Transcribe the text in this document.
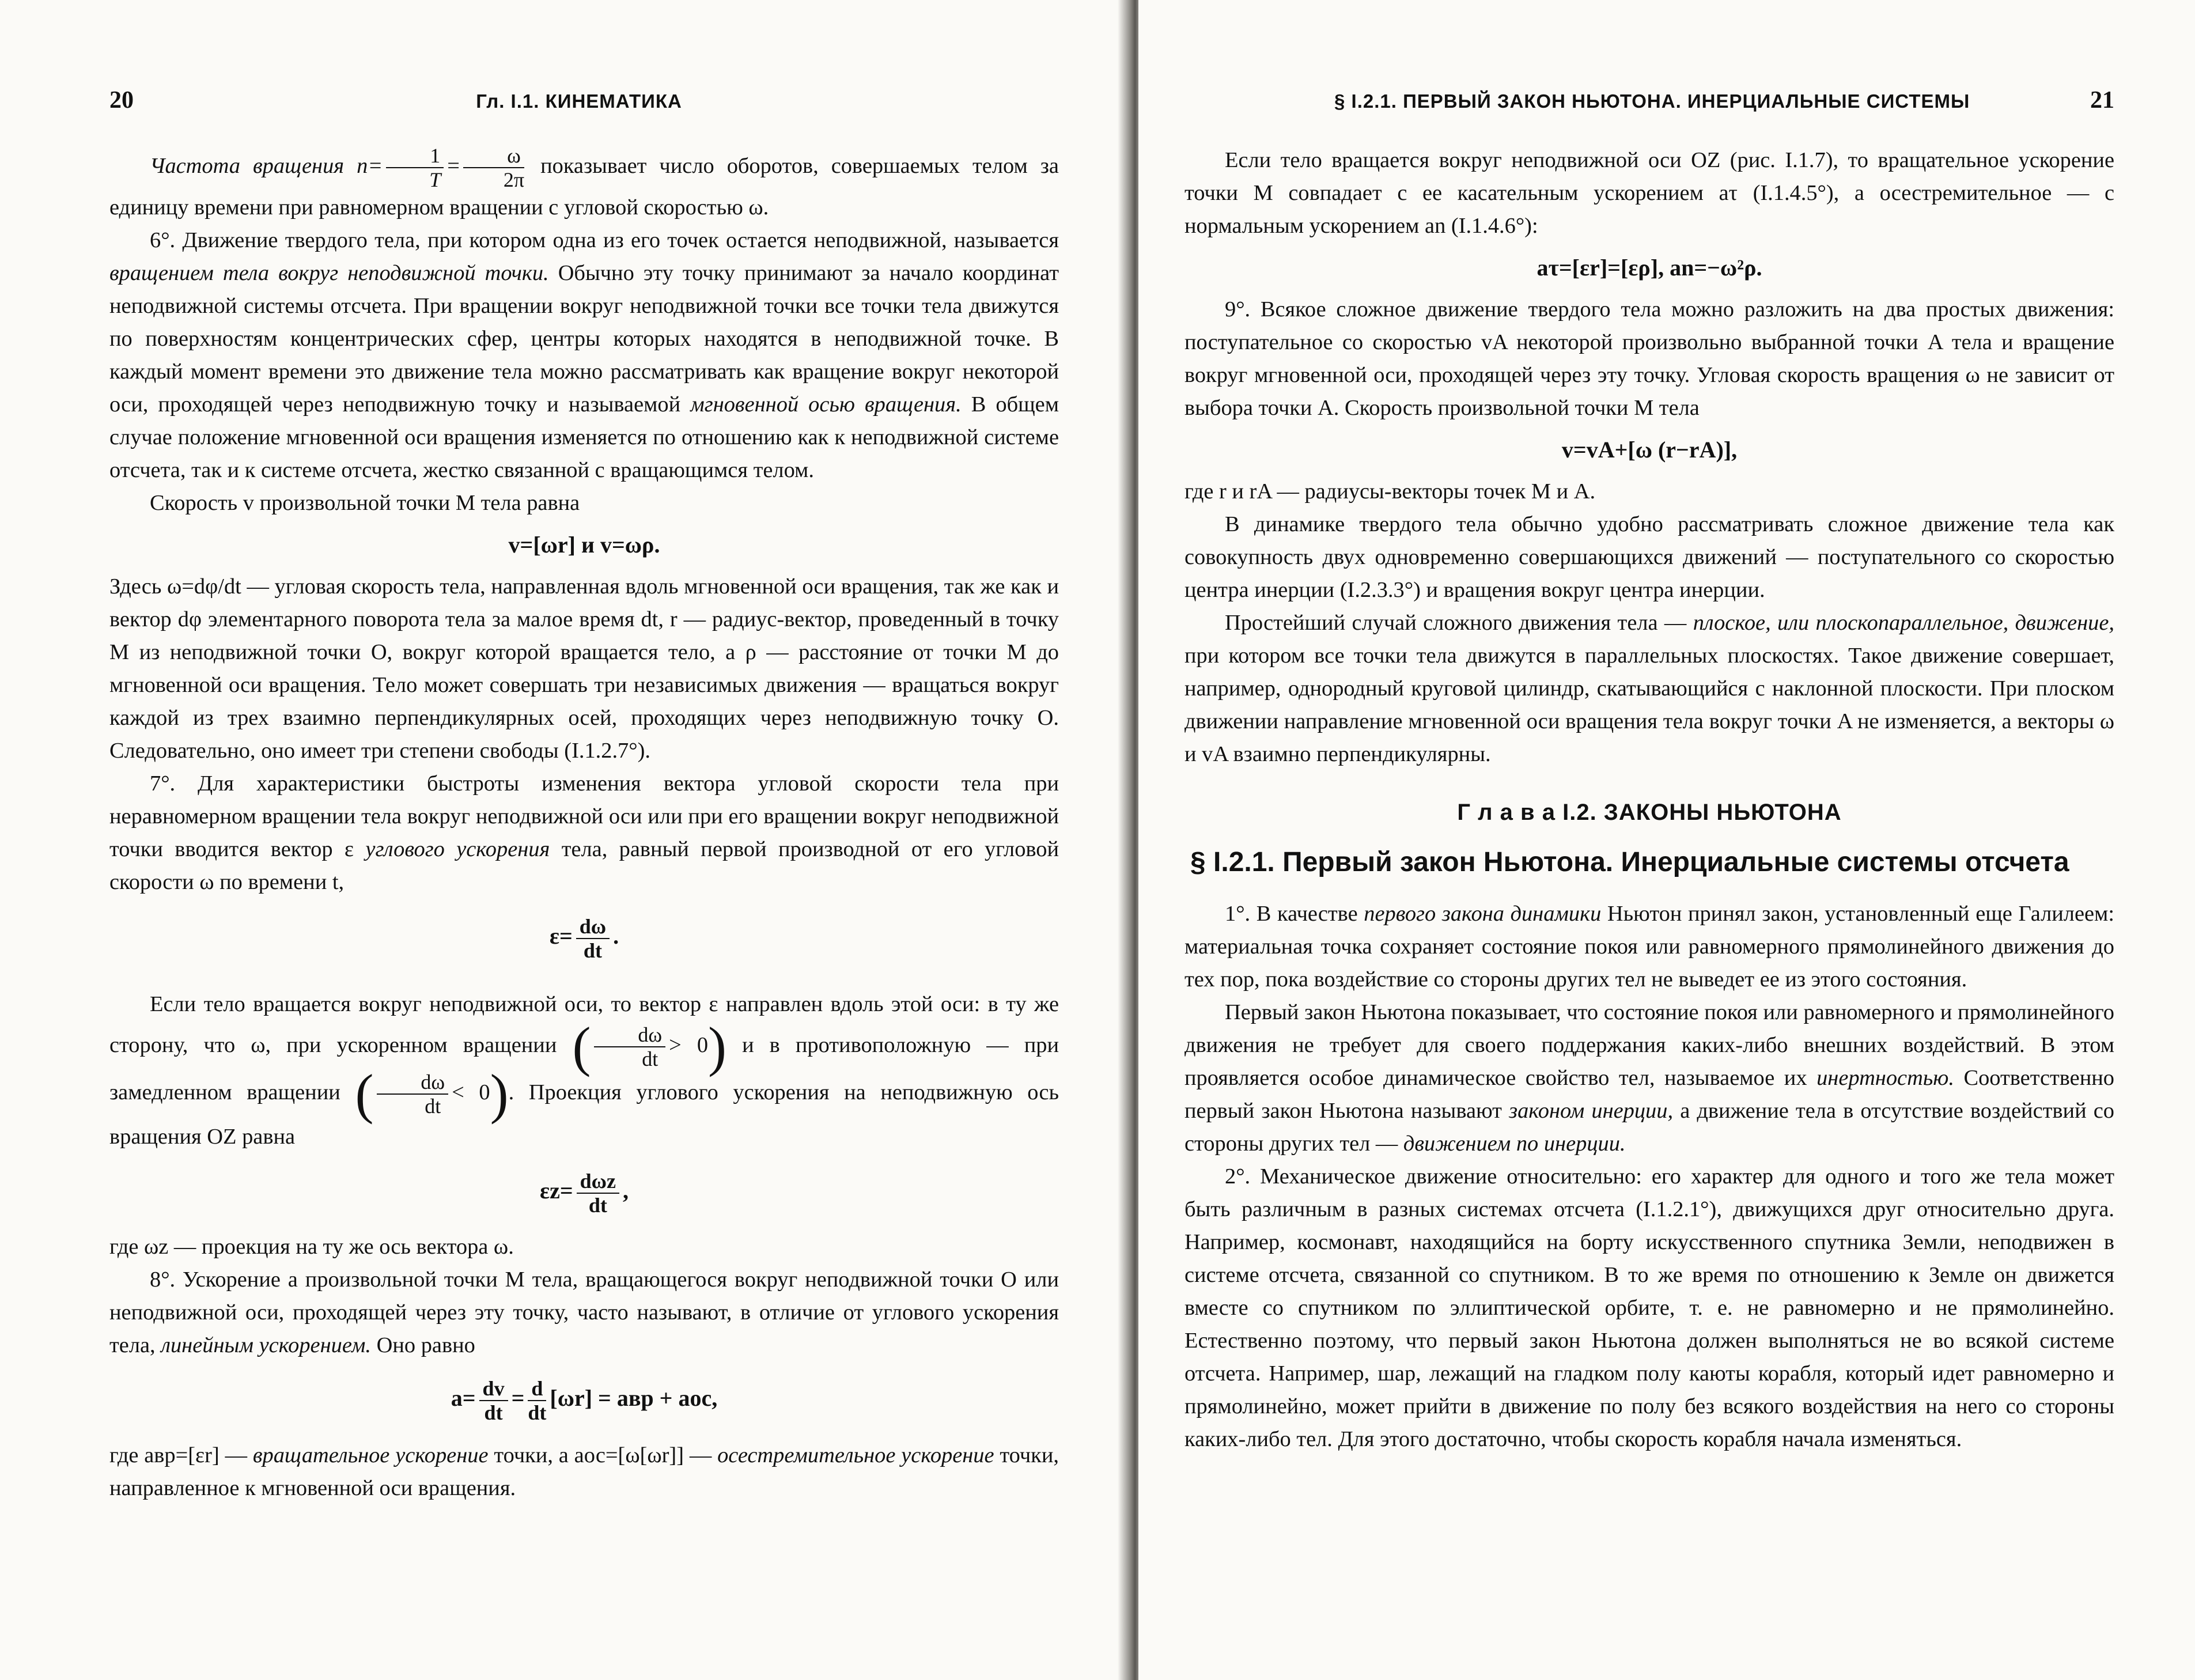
20	Гл. I.1. КИНЕМАТИКА

Частота вращения $n= \frac{1}{T} = \frac{\omega}{2\pi}$ показывает число оборотов, совершаемых телом за единицу времени при равномерном вращении с угловой скоростью ω.

6°. Движение твердого тела, при котором одна из его точек остается неподвижной, называется вращением тела вокруг неподвижной точки. Обычно эту точку принимают за начало координат неподвижной системы отсчета. При вращении вокруг неподвижной точки все точки тела движутся по поверхностям концентрических сфер, центры которых находятся в неподвижной точке. В каждый момент времени это движение тела можно рассматривать как вращение вокруг некоторой оси, проходящей через неподвижную точку и называемой мгновенной осью вращения. В общем случае положение мгновенной оси вращения изменяется по отношению как к неподвижной системе отсчета, так и к системе отсчета, жестко связанной с вращающимся телом.

Скорость v произвольной точки M тела равна

v=[ωr] и v=ωρ.

Здесь ω=dφ/dt — угловая скорость тела, направленная вдоль мгновенной оси вращения, так же как и вектор dφ элементарного поворота тела за малое время dt, r — радиус-вектор, проведенный в точку M из неподвижной точки O, вокруг которой вращается тело, а ρ — расстояние от точки M до мгновенной оси вращения. Тело может совершать три независимых движения — вращаться вокруг каждой из трех взаимно перпендикулярных осей, проходящих через неподвижную точку O. Следовательно, оно имеет три степени свободы (I.1.2.7°).

7°. Для характеристики быстроты изменения вектора угловой скорости тела при неравномерном вращении тела вокруг неподвижной оси или при его вращении вокруг неподвижной точки вводится вектор ε углового ускорения тела, равный первой производной от его угловой скорости ω по времени t,

$\varepsilon= \frac{d\omega}{dt}$ .

Если тело вращается вокруг неподвижной оси, то вектор ε направлен вдоль этой оси: в ту же сторону, что ω, при ускоренном вращении ( $\frac{d\omega}{dt} > 0$) и в противоположную — при замедленном вращении ( $\frac{d\omega}{dt} < 0$). Проекция углового ускорения на неподвижную ось вращения OZ равна

$\varepsilon z= \frac{\text{dωz}}{dt}$ ,

где ωz — проекция на ту же ось вектора ω.

8°. Ускорение a произвольной точки M тела, вращающегося вокруг неподвижной точки O или неподвижной оси, проходящей через эту точку, часто называют, в отличие от углового ускорения тела, линейным ускорением. Оно равно

$a= \frac{dv}{dt} = \frac{d}{dt} [\omega r]$ = aвр + aос,

где aвр=[εr] — вращательное ускорение точки, а aос=[ω[ωr]] — осестремительное ускорение точки, направленное к мгновенной оси вращения.

§ I.2.1. ПЕРВЫЙ ЗАКОН НЬЮТОНА. ИНЕРЦИАЛЬНЫЕ СИСТЕМЫ	21

Если тело вращается вокруг неподвижной оси OZ (рис. I.1.7), то вращательное ускорение точки M совпадает с ее касательным ускорением aτ (I.1.4.5°), а осестремительное — с нормальным ускорением an (I.1.4.6°):

aτ=[εr]=[ερ], an=−ω²ρ.

9°. Всякое сложное движение твердого тела можно разложить на два простых движения: поступательное со скоростью vA некоторой произвольно выбранной точки A тела и вращение вокруг мгновенной оси, проходящей через эту точку. Угловая скорость вращения ω не зависит от выбора точки A. Скорость произвольной точки M тела

v=vA+[ω (r−rA)],

где r и rA — радиусы-векторы точек M и A.

В динамике твердого тела обычно удобно рассматривать сложное движение тела как совокупность двух одновременно совершающихся движений — поступательного со скоростью центра инерции (I.2.3.3°) и вращения вокруг центра инерции.

Простейший случай сложного движения тела — плоское, или плоскопараллельное, движение, при котором все точки тела движутся в параллельных плоскостях. Такое движение совершает, например, однородный круговой цилиндр, скатывающийся с наклонной плоскости. При плоском движении направление мгновенной оси вращения тела вокруг точки A не изменяется, а векторы ω и vA взаимно перпендикулярны.

Г л а в а I.2. ЗАКОНЫ НЬЮТОНА
§ I.2.1. Первый закон Ньютона. Инерциальные системы отсчета

1°. В качестве первого закона динамики Ньютон принял закон, установленный еще Галилеем: материальная точка сохраняет состояние покоя или равномерного прямолинейного движения до тех пор, пока воздействие со стороны других тел не выведет ее из этого состояния.

Первый закон Ньютона показывает, что состояние покоя или равномерного и прямолинейного движения не требует для своего поддержания каких-либо внешних воздействий. В этом проявляется особое динамическое свойство тел, называемое их инертностью. Соответственно первый закон Ньютона называют законом инерции, а движение тела в отсутствие воздействий со стороны других тел — движением по инерции.

2°. Механическое движение относительно: его характер для одного и того же тела может быть различным в разных системах отсчета (I.1.2.1°), движущихся друг относительно друга. Например, космонавт, находящийся на борту искусственного спутника Земли, неподвижен в системе отсчета, связанной со спутником. В то же время по отношению к Земле он движется вместе со спутником по эллиптической орбите, т. е. не равномерно и не прямолинейно. Естественно поэтому, что первый закон Ньютона должен выполняться не во всякой системе отсчета. Например, шар, лежащий на гладком полу каюты корабля, который идет равномерно и прямолинейно, может прийти в движение по полу без всякого воздействия на него со стороны каких-либо тел. Для этого достаточно, чтобы скорость корабля начала изменяться.
